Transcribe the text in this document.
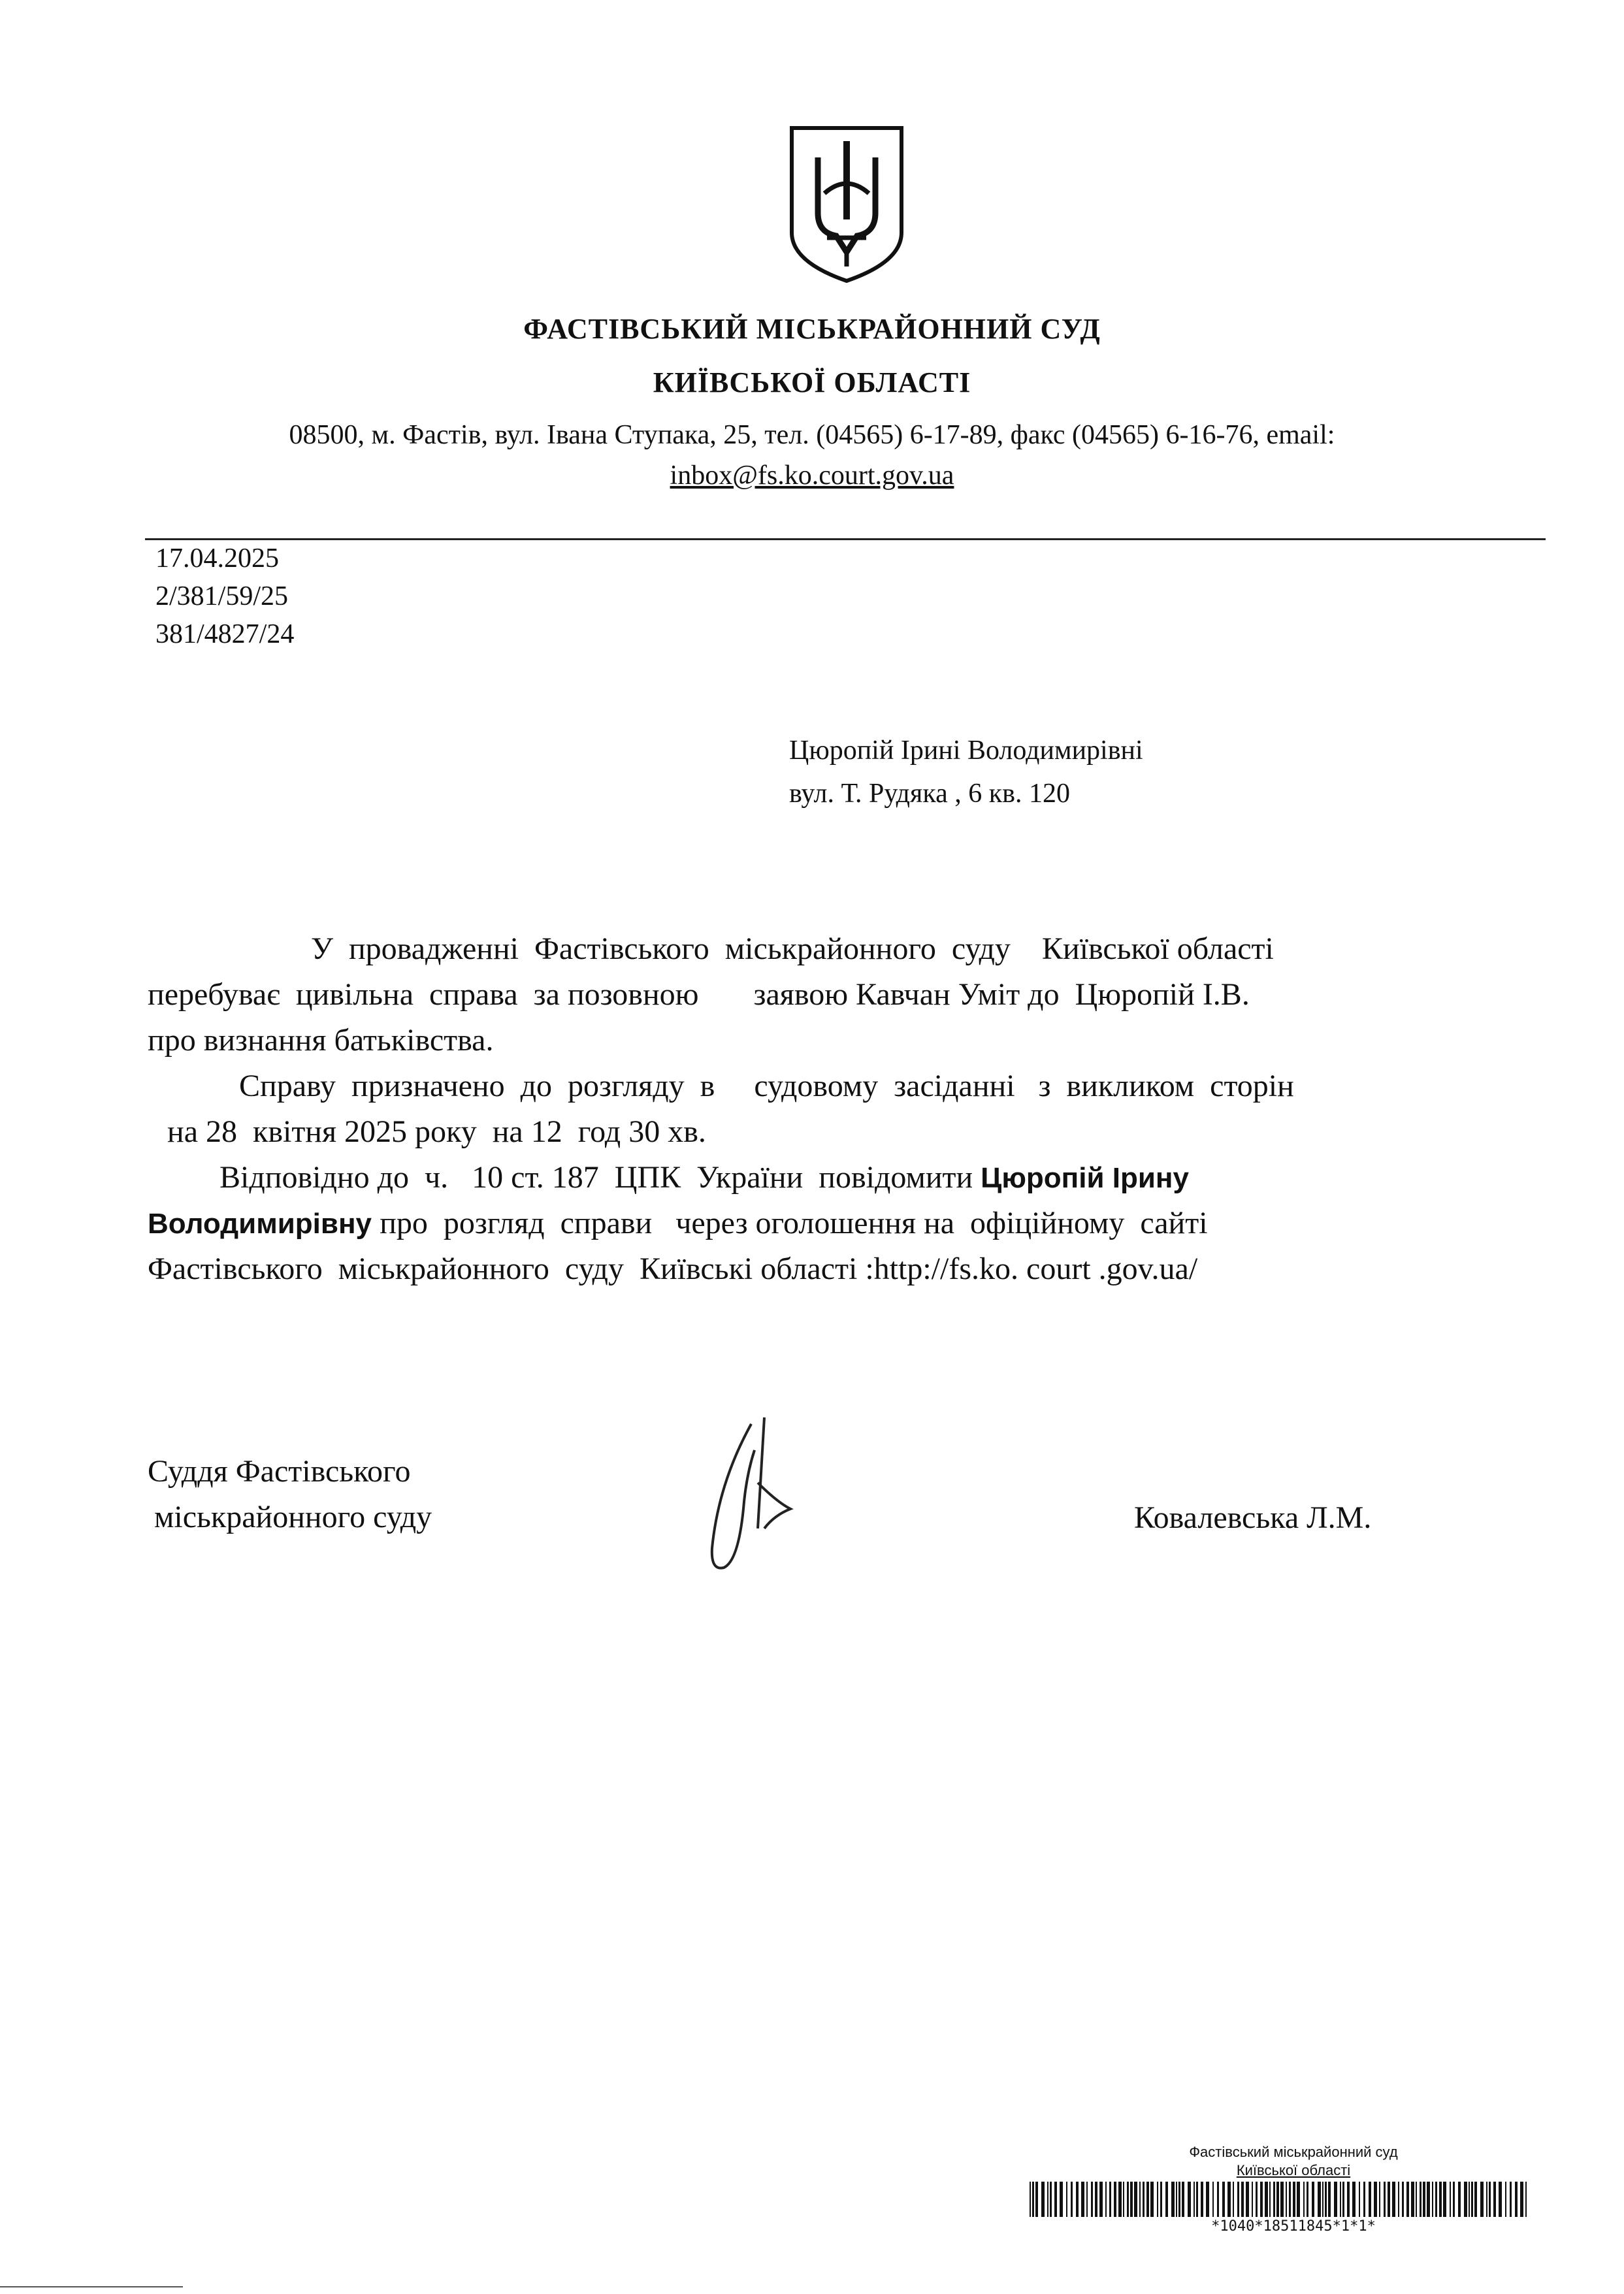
ФАСТІВСЬКИЙ МІСЬКРАЙОННИЙ СУД
КИЇВСЬКОЇ ОБЛАСТІ
08500, м. Фастів, вул. Івана Ступака, 25, тел. (04565) 6-17-89, факс (04565) 6-16-76, email:
inbox@fs.ko.court.gov.ua
17.04.2025
2/381/59/25
381/4827/24
Цюропій Ірині Володимирівні
вул. Т. Рудяка , 6 кв. 120
У  провадженні  Фастівського  міськрайонного  суду    Київської області
перебуває  цивільна  справа  за позовною       заявою Кавчан Уміт до  Цюропій І.В.
про визнання батьківства.
Справу  призначено  до  розгляду  в     судовому  засіданні   з  викликом  сторін
на 28  квітня 2025 року  на 12  год 30 хв.
Відповідно до  ч.   10 ст. 187  ЦПК  України  повідомити Цюропій Ірину
Володимирівну про  розгляд  справи   через оголошення на  офіційному  сайті
Фастівського  міськрайонного  суду  Київські області :http://fs.ko. court .gov.ua/
Суддя Фастівського
міськрайонного суду	Ковалевська Л.М.
Фастівський міськрайонний суд
Київської області
*1040*18511845*1*1*
